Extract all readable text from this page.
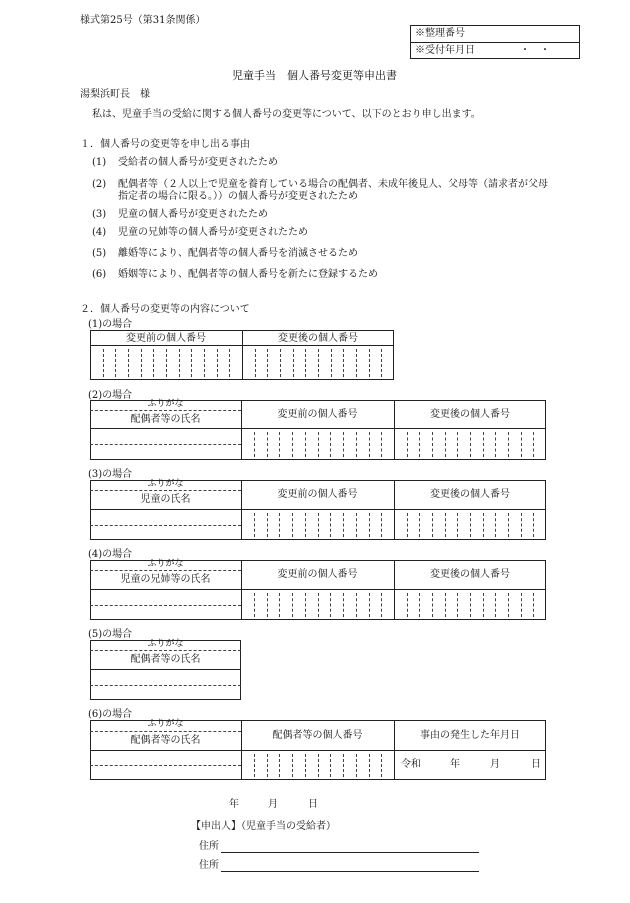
様式第25号（第31条関係）
※整理番号
※受付年月日	・　・
児童手当　個人番号変更等申出書
湯梨浜町長　様
私は、児童手当の受給に関する個人番号の変更等について、以下のとおり申し出ます。
１．個人番号の変更等を申し出る事由
(1) 受給者の個人番号が変更されたため
(2) 配偶者等（２人以上で児童を養育している場合の配偶者、未成年後見人、父母等（請求者が父母
指定者の場合に限る。））の個人番号が変更されたため
(3) 児童の個人番号が変更されたため
(4) 児童の兄姉等の個人番号が変更されたため
(5) 離婚等により、配偶者等の個人番号を消滅させるため
(6) 婚姻等により、配偶者等の個人番号を新たに登録するため
２．個人番号の変更等の内容について
(1)の場合
変更前の個人番号	変更後の個人番号
(2)の場合
ふりがな
配偶者等の氏名	変更前の個人番号	変更後の個人番号
(3)の場合
ふりがな
児童の氏名	変更前の個人番号	変更後の個人番号
(4)の場合
ふりがな
児童の兄姉等の氏名	変更前の個人番号	変更後の個人番号
(5)の場合
ふりがな
配偶者等の氏名
(6)の場合
ふりがな
配偶者等の氏名	配偶者等の個人番号	事由の発生した年月日
令和	年	月	日
年	月	日
【申出人】（児童手当の受給者）
住所
住所
